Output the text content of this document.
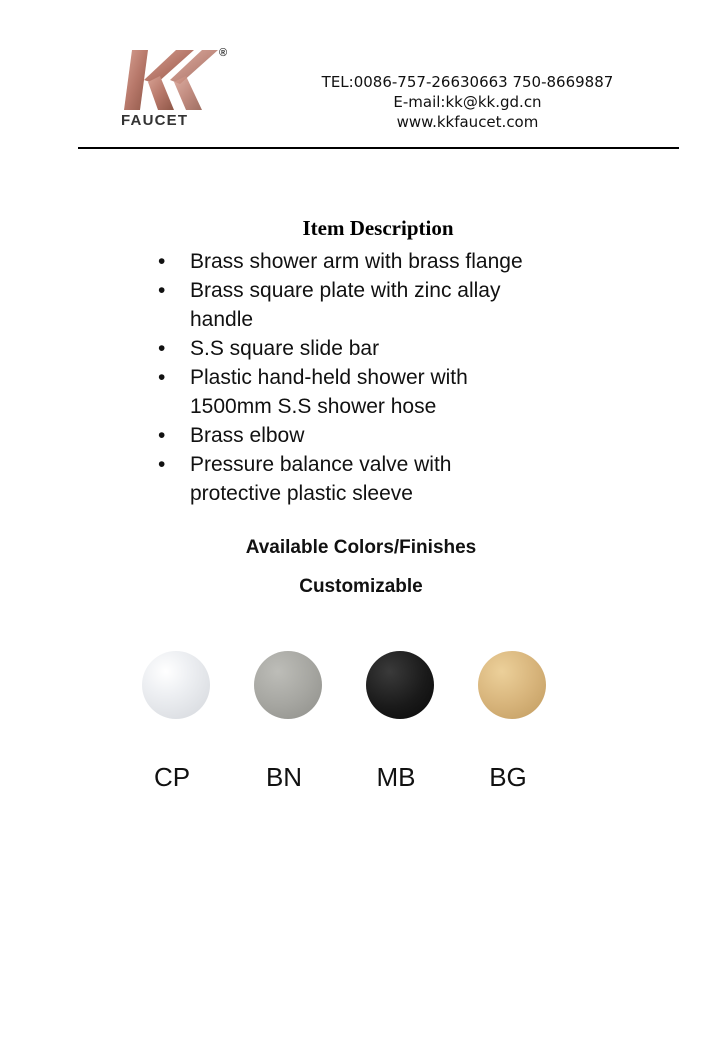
®
FAUCET
TEL:0086-757-26630663 750-8669887
E-mail:kk@kk.gd.cn
www.kkfaucet.com
Item Description
• Brass shower arm with brass flange
• Brass square plate with zinc allay
handle
• S.S square slide bar
• Plastic hand-held shower with
1500mm S.S shower hose
• Brass elbow
• Pressure balance valve with
protective plastic sleeve
Available Colors/Finishes
Customizable
CP	BN	MB	BG
